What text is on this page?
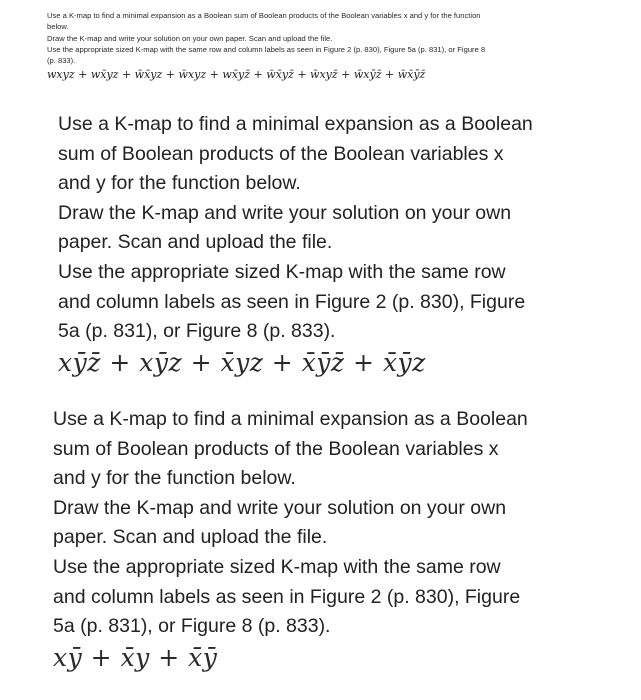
Use a K-map to find a minimal expansion as a Boolean sum of Boolean products of the Boolean variables x and y for the function
below.
Draw the K-map and write your solution on your own paper. Scan and upload the file.
Use the appropriate sized K-map with the same row and column labels as seen in Figure 2 (p. 830), Figure 5a (p. 831), or Figure 8
(p. 833).
wxyz + wx̄yz + w̄x̄yz + w̄xyz + wx̄yz̄ + w̄x̄yz̄ + w̄xyz̄ + w̄xȳz̄ + w̄x̄ȳz̄
Use a K-map to find a minimal expansion as a Boolean
sum of Boolean products of the Boolean variables x
and y for the function below.
Draw the K-map and write your solution on your own
paper. Scan and upload the file.
Use the appropriate sized K-map with the same row
and column labels as seen in Figure 2 (p. 830), Figure
5a (p. 831), or Figure 8 (p. 833).
xȳz̄ + xȳz + x̄yz + x̄ȳz̄ + x̄ȳz
Use a K-map to find a minimal expansion as a Boolean
sum of Boolean products of the Boolean variables x
and y for the function below.
Draw the K-map and write your solution on your own
paper. Scan and upload the file.
Use the appropriate sized K-map with the same row
and column labels as seen in Figure 2 (p. 830), Figure
5a (p. 831), or Figure 8 (p. 833).
xȳ + x̄y + x̄ȳ
